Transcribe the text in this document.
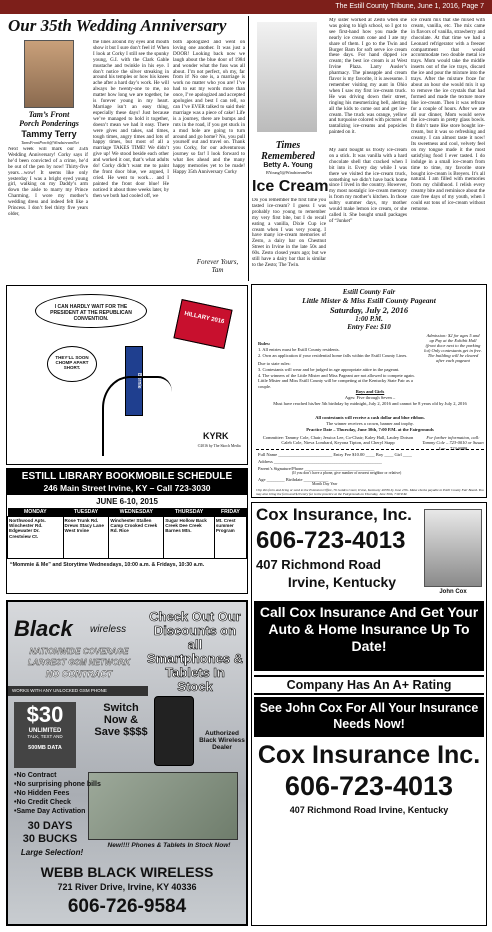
The Estill County Tribune, June 1, 2016, Page 7
Our 35th Wedding Anniversary
Tam’s Front
Porch Ponderings
Tammy Terry
TamsFrontPorch@WindstreamNet
Next week will mark our 35th Wedding Anniversary! Corky says if he’d been convicted of a crime, he’d be out of the pen by now! Thirty-five years…wow! It seems like only yesterday I was a bright eyed young girl, walking on my Daddy’s arm down the aisle to marry my Prince Charming. I wore my mother’s wedding dress and indeed felt like a Princess. I don’t feel thirty five years older,
the lines around my eyes and mouth show it but I sure don’t feel it! When I look at Corky I still see the spunky young, G.I. with the Clark Gable mustache and twinkle in his eye. I don’t notice the silver streaking in around his temples or how his knees ache after a hard day’s work. He will always be twenty-one to me, no matter how long we are together, he is forever young in my heart. Marriage isn’t an easy thing, especially these days! Just because we’ve managed to hold it together, doesn’t mean we had it easy. There were gives and takes, sad times, tough times, angry times and lots of happy times, but most of all a marriage TAKES TIME! We didn’t give up! We stood beside each other and worked it out, that’s what adults do! Corky didn’t want me to paint the front door blue, we argued, I cried. He went to work… and I painted the front door blue! He noticed it about three weeks later, by then we both had cooled off, we
both apologized and went on loving one another. It was just a DOOR! Looking back now we laugh about the blue door of 1984 and wonder what the fuss was all about. I’m not perfect, oh my, far from it! No one is, a marriage is work no matter who you are! I’ve had to eat my words more than once, I’ve apologized and accepted apologies and best I can tell, so can I’ve EVER talked to said their marriage was a piece of cake! Life is a journey, there are bumps and ruts in the road, if you get stuck in a mud hole are going to turn around and go home? No, you pull yourself out and travel on. Thank you Corky, for our adventurous journey so far! I look forward to what lies ahead and the many happy memories yet to be made! Happy 35th Anniversary Corky
Forever Yours, Tam
Times
Remembered
Betty A. Young
BYoung5@WindstreamNet
Ice Cream
Do you remember the first time you tasted ice-cream? I guess I was probably too young to remember my very first bite, but I do recall eating a vanilla, Dixie Cup ice cream when I was very young. I have many ice-cream memories of Zesto, a dairy bar on Chestnut Street in Irvine in the late 50s and 60s. Zesto closed years ago; but we still have a dairy bar that is similar to the Zesto; The Twin.
My sister worked at Zesto when she was going to high school, so I got to see first-hand how you made the nearly ice cream cone and I ate my share of them. I go to the Twin and Burger Barn for soft serve ice cream these days. For hand dipped ice cream; the best ice cream is at West Irvine Plaza. Larry Ausler’s pharmacy. The pineapple and cream flavor is my favorite, it is awesome. I remember visiting my aunt in Ohio when I saw my first ice-cream truck. He was driving down their street, ringing his mesmerizing bell, alerting all the kids to come out and get ice-cream. The truck was orange, yellow and turquoise colored with pictures of tantalizing ice-creams and popsicles painted on it.
My aunt bought us frosty ice-cream on a stick. It was vanilla with a hard chocolate shell that cracked when I bit into it. Every day while I was there we visited the ice-cream truck, something we didn’t have back home since I lived in the country. However, my most nostalgic ice-cream memory is from my mother’s kitchen. In those sultry summer days, my mother would make lemon ice cream, or she called it. She bought small packages of “Junket”
ice cream mix that she mixed with cream, vanilla, etc. The mix came in flavors of vanilla, strawberry and chocolate. At that time we had a Leonard refrigerator with a freezer compartment that would accommodate two double metal ice trays. Mom would take the middle inserts out of the ice trays, discard the ice and pour the mixture into the trays. After the mixture froze for about an hour she would mix it up to remove the ice crystals that had formed and made the texture more like ice-cream. Then it was refroze for a couple of hours. After we ate all our dinner, Mom would serve the ice-cream in pretty glass bowls. It didn’t taste like store bought ice-cream, but it was so refreshing and creamy. I can almost taste it now! Its sweetness and cool, velvety feel on my tongue made it the most satisfying food I ever tasted. I do indulge in a small ice-cream from time to time, my favorite store bought ice-cream is Breyers. It’s all natural. I am filled with memories from my childhood. I relish every creamy bite and reminisce about the care free days of my youth, when I could eat tons of ice-cream without remorse.
I CAN HARDLY WAIT FOR THE PRESIDENT AT THE REPUBLICAN CONVENTION.
THEY’LL SOON CHOMP APART SHORT.
HILLARY 2016
Bernie
KYRK
©2016 by The Skoch Media
Estill County Fair
Little Mister & Miss Estill County Pageant
Saturday, July 2, 2016
1:00 P.M.
Entry Fee: $10
Admission: $2 for ages 5 and up Pay at the Exhibit Hall (front door next to the parking lot) Only contestants get in free. The building will be cleared after each pageant
Rules:
1. All entries must be Estill County residents.
2. Own an application if your residential home falls within the Estill County Lines.
Due to state rules:
3. Contestants will wear and be judged in age appropriate attire in the pageant.
4. The winners of the Little Mister and Miss Pageant are not allowed to compete again. Little Mister and Miss Estill County will be competing at the Kentucky State Fair as a couple.
Boys and Girls
Ages: Five through Seven –
Must have reached his/her 5th birthday by midnight, July 2, 2016 and cannot be 8 years old by July 2, 2016
All contestants will receive a cash dollar and blue ribbon.
The winner receives a crown, banner and trophy.
Practice Date – Thursday, June 30th, 7:00 P.M. at the Fairgrounds
Committee: Tammy Cole, Chair; Jessica Lee, Co-Chair; Kaley Hall, Lauley Dotson Caleb Cole, Nieva Lombard, Keyona Tipton, and Cheryl Stapp
For further information, call: Tammy Cole – 723-0010 or Susan Lee – 723-8888
Full Name ________________________ Entry Fee $10.00 ____ Boy ____ Girl ____
Address ________________________________________________
Parent’s Signature/Phone _______________________________
(If you don’t have a phone, give number of nearest neighbor or relative)
Age ________ Birthdate ___________
Month Day Year
Clip this form and bring or send to the Extension Office, 76 Golden Court, Irvine, Kentucky 40336 by June 27th. Make checks payable to Estill County Fair Board. You may also bring the form and $10 entry fee to the practice at the Fairgrounds on Thursday, June 30th, 7:00 P.M.
ESTILL LIBRARY BOOKMOBILE SCHEDULE
246 Main Street Irvine, KY – Call 723-3030
JUNE 6-10, 2015
MONDAY	TUESDAY	WEDNESDAY	THURSDAY	FRIDAY
Northwood Apts. Winchester Rd. Edgewater Dr. Crestview Ct.	Rose Trunk Rd. Drews Stacy Lane West Irvine	Winchester Stallen Camp Crooked Creek Rd. Rice	Sugar Hollow Back Creek Dee Creek Barnes Mtn.	Mt. Crest summer Program
“Mommie & Me” and Storytime Wednesdays, 10:00 a.m. & Fridays, 10:30 a.m.
Black wireless
NATIONWIDE COVERAGE
LARGEST GSM NETWORK
NO CONTRACT
WORKS WITH ANY UNLOCKED GSM PHONE
$30
UNLIMITED
TALK, TEXT AND
500MB DATA
Check Out Our Discounts on all Smartphones & Tablets In Stock
Switch Now & Save $$$$	Authorized Black Wireless Dealer
•No Contract
•No surprising phone bills
•No Hidden Fees
•No Credit Check
•Same Day Activation
30 DAYS
30 BUCKS
Large Selection!
New!!!! Phones & Tablets In Stock Now!
WEBB BLACK WIRELESS
721 River Drive, Irvine, KY 40336
606-726-9584
Cox Insurance, Inc.
606-723-4013
407 Richmond Road
Irvine, Kentucky
John Cox
Call Cox Insurance And Get Your Auto & Home Insurance Up To Date!
Company Has An A+ Rating
See John Cox For All Your Insurance Needs Now!
Cox Insurance Inc.
606-723-4013
407 Richmond Road Irvine, Kentucky
